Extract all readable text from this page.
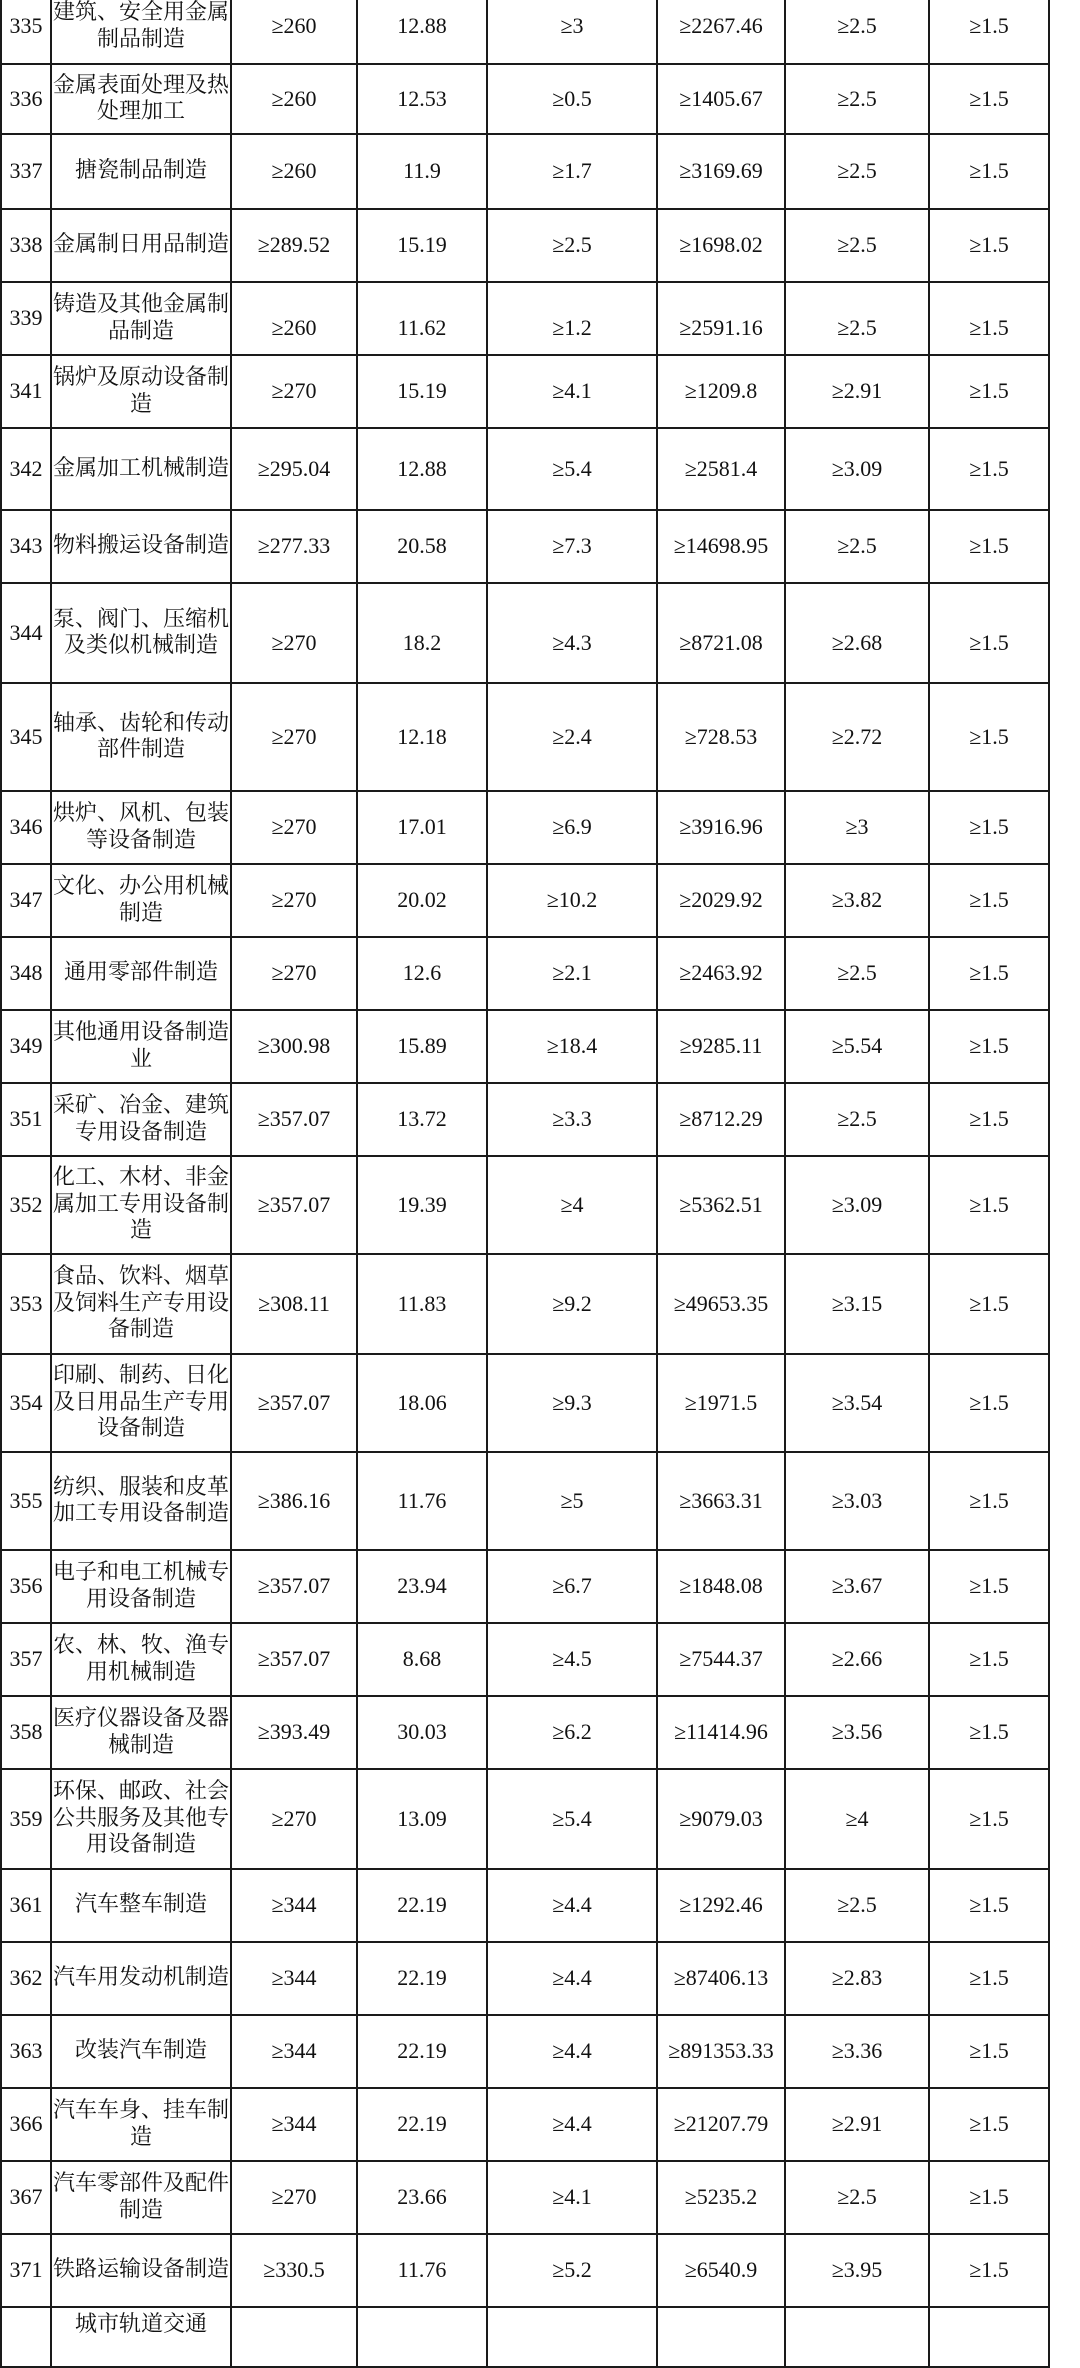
335	建筑、安全用金属制品制造	≥260	12.88	≥3	≥2267.46	≥2.5	≥1.5
336	金属表面处理及热处理加工	≥260	12.53	≥0.5	≥1405.67	≥2.5	≥1.5
337	搪瓷制品制造	≥260	11.9	≥1.7	≥3169.69	≥2.5	≥1.5
338	金属制日用品制造	≥289.52	15.19	≥2.5	≥1698.02	≥2.5	≥1.5
339	铸造及其他金属制品制造	≥260	11.62	≥1.2	≥2591.16	≥2.5	≥1.5
341	锅炉及原动设备制造	≥270	15.19	≥4.1	≥1209.8	≥2.91	≥1.5
342	金属加工机械制造	≥295.04	12.88	≥5.4	≥2581.4	≥3.09	≥1.5
343	物料搬运设备制造	≥277.33	20.58	≥7.3	≥14698.95	≥2.5	≥1.5
344	泵、阀门、压缩机及类似机械制造	≥270	18.2	≥4.3	≥8721.08	≥2.68	≥1.5
345	轴承、齿轮和传动部件制造	≥270	12.18	≥2.4	≥728.53	≥2.72	≥1.5
346	烘炉、风机、包装等设备制造	≥270	17.01	≥6.9	≥3916.96	≥3	≥1.5
347	文化、办公用机械制造	≥270	20.02	≥10.2	≥2029.92	≥3.82	≥1.5
348	通用零部件制造	≥270	12.6	≥2.1	≥2463.92	≥2.5	≥1.5
349	其他通用设备制造业	≥300.98	15.89	≥18.4	≥9285.11	≥5.54	≥1.5
351	采矿、冶金、建筑专用设备制造	≥357.07	13.72	≥3.3	≥8712.29	≥2.5	≥1.5
352	化工、木材、非金属加工专用设备制造	≥357.07	19.39	≥4	≥5362.51	≥3.09	≥1.5
353	食品、饮料、烟草及饲料生产专用设备制造	≥308.11	11.83	≥9.2	≥49653.35	≥3.15	≥1.5
354	印刷、制药、日化及日用品生产专用设备制造	≥357.07	18.06	≥9.3	≥1971.5	≥3.54	≥1.5
355	纺织、服装和皮革加工专用设备制造	≥386.16	11.76	≥5	≥3663.31	≥3.03	≥1.5
356	电子和电工机械专用设备制造	≥357.07	23.94	≥6.7	≥1848.08	≥3.67	≥1.5
357	农、林、牧、渔专用机械制造	≥357.07	8.68	≥4.5	≥7544.37	≥2.66	≥1.5
358	医疗仪器设备及器械制造	≥393.49	30.03	≥6.2	≥11414.96	≥3.56	≥1.5
359	环保、邮政、社会公共服务及其他专用设备制造	≥270	13.09	≥5.4	≥9079.03	≥4	≥1.5
361	汽车整车制造	≥344	22.19	≥4.4	≥1292.46	≥2.5	≥1.5
362	汽车用发动机制造	≥344	22.19	≥4.4	≥87406.13	≥2.83	≥1.5
363	改装汽车制造	≥344	22.19	≥4.4	≥891353.33	≥3.36	≥1.5
366	汽车车身、挂车制造	≥344	22.19	≥4.4	≥21207.79	≥2.91	≥1.5
367	汽车零部件及配件制造	≥270	23.66	≥4.1	≥5235.2	≥2.5	≥1.5
371	铁路运输设备制造	≥330.5	11.76	≥5.2	≥6540.9	≥3.95	≥1.5
	城市轨道交通						
